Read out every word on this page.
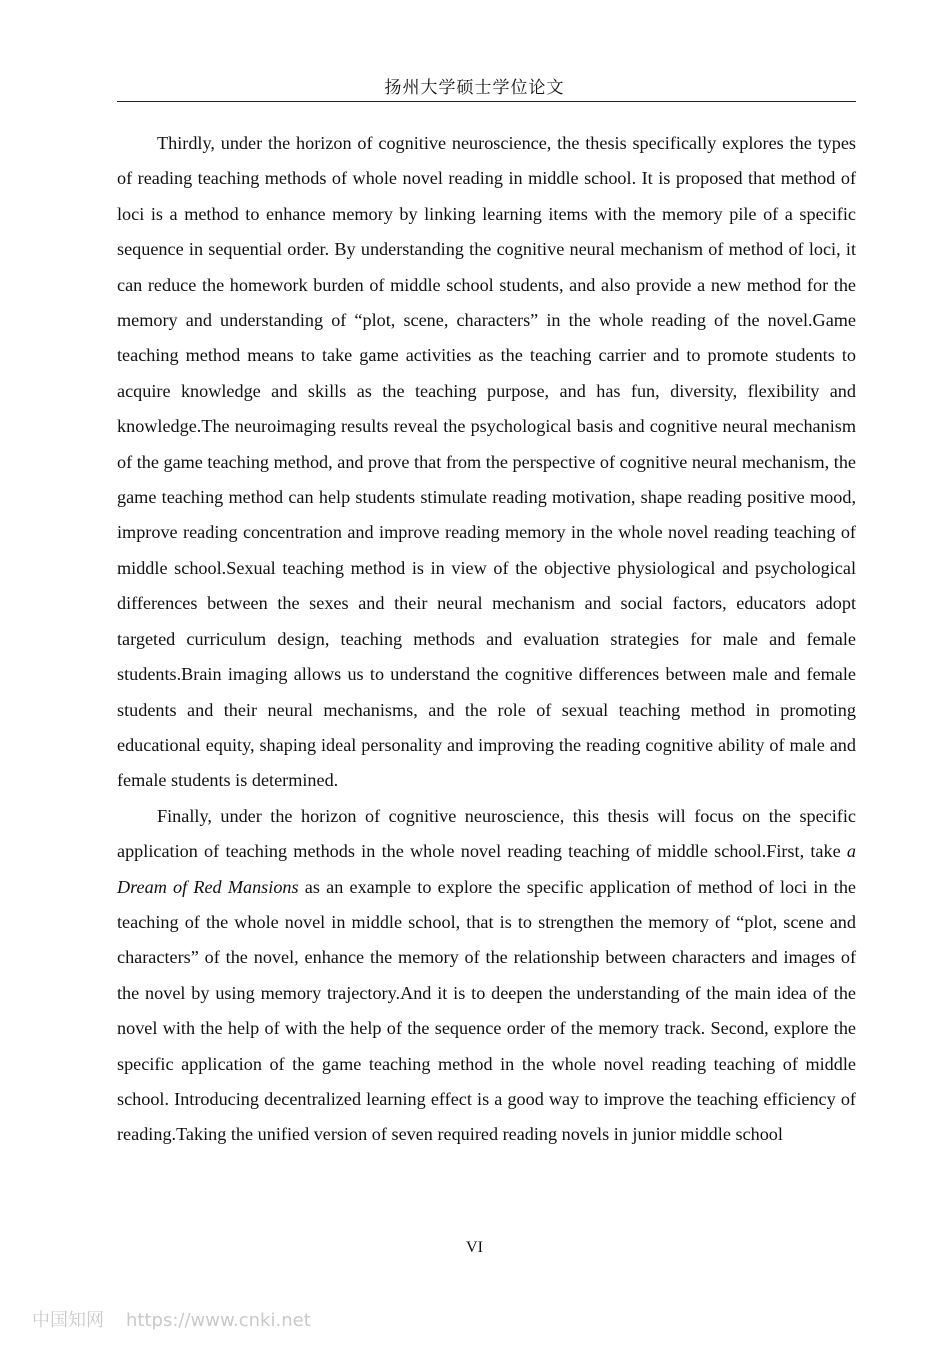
扬州大学硕士学位论文

Thirdly, under the horizon of cognitive neuroscience, the thesis specifically explores the types of reading teaching methods of whole novel reading in middle school. It is proposed that method of loci is a method to enhance memory by linking learning items with the memory pile of a specific sequence in sequential order. By understanding the cognitive neural mechanism of method of loci, it can reduce the homework burden of middle school students, and also provide a new method for the memory and understanding of “plot, scene, characters” in the whole reading of the novel.Game teaching method means to take game activities as the teaching carrier and to promote students to acquire knowledge and skills as the teaching purpose, and has fun, diversity, flexibility and knowledge.The neuroimaging results reveal the psychological basis and cognitive neural mechanism of the game teaching method, and prove that from the perspective of cognitive neural mechanism, the game teaching method can help students stimulate reading motivation, shape reading positive mood, improve reading concentration and improve reading memory in the whole novel reading teaching of middle school.Sexual teaching method is in view of the objective physiological and psychological differences between the sexes and their neural mechanism and social factors, educators adopt targeted curriculum design, teaching methods and evaluation strategies for male and female students.Brain imaging allows us to understand the cognitive differences between male and female students and their neural mechanisms, and the role of sexual teaching method in promoting educational equity, shaping ideal personality and improving the reading cognitive ability of male and female students is determined.

Finally, under the horizon of cognitive neuroscience, this thesis will focus on the specific application of teaching methods in the whole novel reading teaching of middle school.First, take a Dream of Red Mansions as an example to explore the specific application of method of loci in the teaching of the whole novel in middle school, that is to strengthen the memory of “plot, scene and characters” of the novel, enhance the memory of the relationship between characters and images of the novel by using memory trajectory.And it is to deepen the understanding of the main idea of the novel with the help of with the help of the sequence order of the memory track. Second, explore the specific application of the game teaching method in the whole novel reading teaching of middle school. Introducing decentralized learning effect is a good way to improve the teaching efficiency of reading.Taking the unified version of seven required reading novels in junior middle school

VI
中国知网 https://www.cnki.net
